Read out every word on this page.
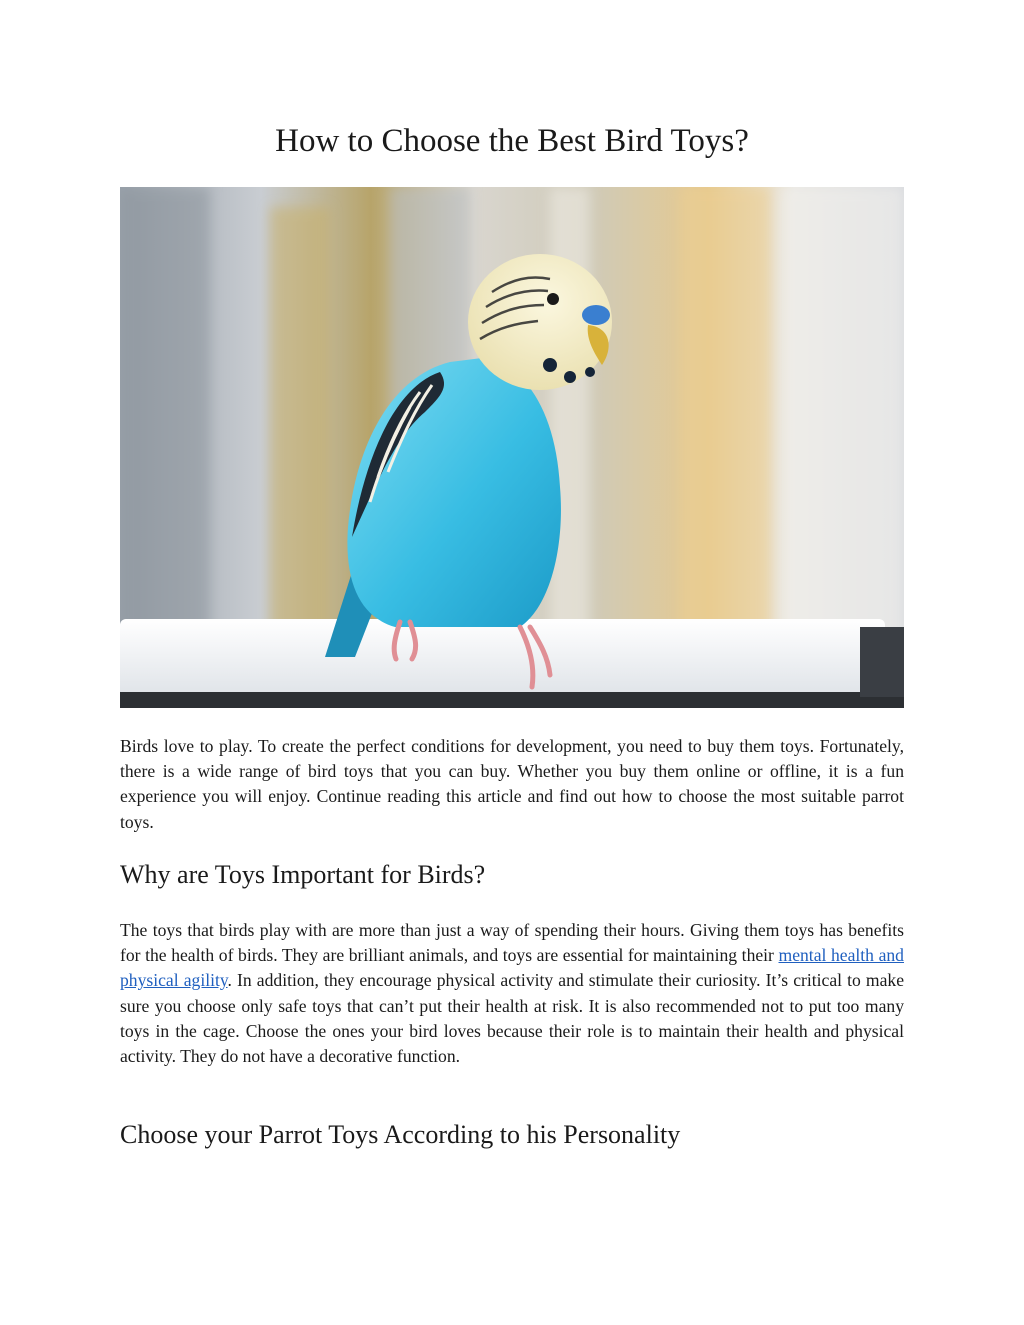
How to Choose the Best Bird Toys?

Birds love to play. To create the perfect conditions for development, you need to buy them toys. Fortunately, there is a wide range of bird toys that you can buy. Whether you buy them online or offline, it is a fun experience you will enjoy. Continue reading this article and find out how to choose the most suitable parrot toys.

Why are Toys Important for Birds?

The toys that birds play with are more than just a way of spending their hours. Giving them toys has benefits for the health of birds. They are brilliant animals, and toys are essential for maintaining their mental health and physical agility. In addition, they encourage physical activity and stimulate their curiosity. It’s critical to make sure you choose only safe toys that can’t put their health at risk. It is also recommended not to put too many toys in the cage. Choose the ones your bird loves because their role is to maintain their health and physical activity. They do not have a decorative function.

Choose your Parrot Toys According to his Personality
